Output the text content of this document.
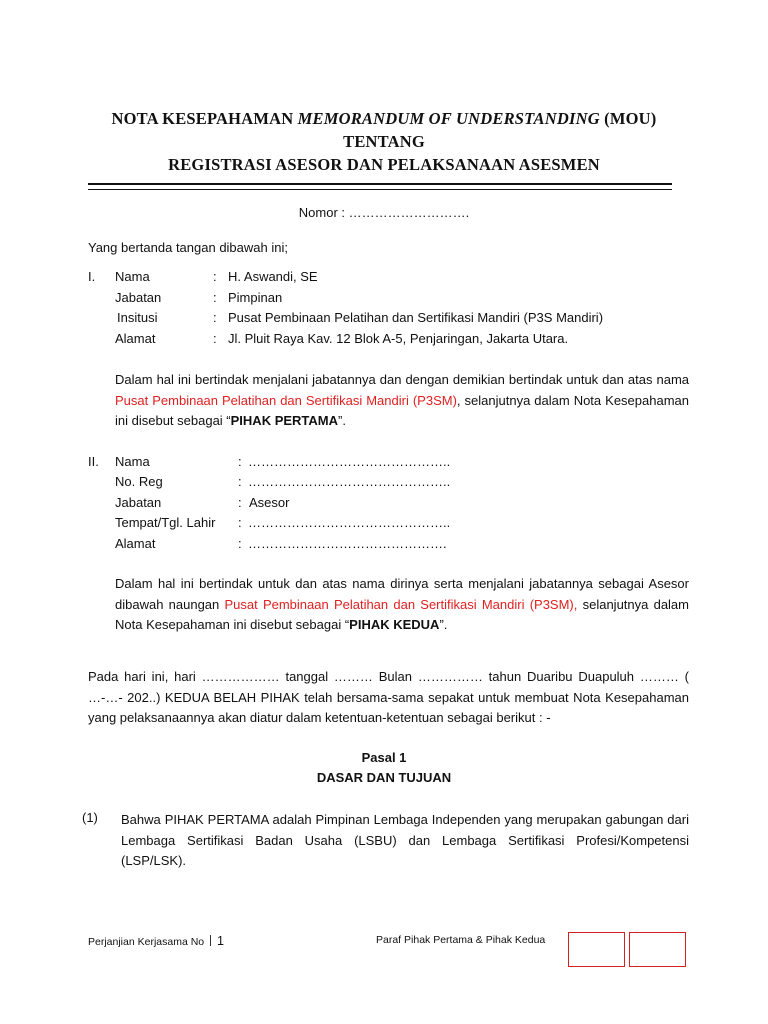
NOTA KESEPAHAMAN MEMORANDUM OF UNDERSTANDING (MOU)
TENTANG
REGISTRASI ASESOR DAN PELAKSANAAN ASESMEN
Nomor : ……………………….
Yang bertanda tangan dibawah ini;
I. Nama	: H. Aswandi, SE
Jabatan	: Pimpinan
Insitusi	: Pusat Pembinaan Pelatihan dan Sertifikasi Mandiri (P3S Mandiri)
Alamat	: Jl. Pluit Raya Kav. 12 Blok A-5, Penjaringan, Jakarta Utara.
Dalam hal ini bertindak menjalani jabatannya dan dengan demikian bertindak untuk dan atas nama Pusat Pembinaan Pelatihan dan Sertifikasi Mandiri (P3SM), selanjutnya dalam Nota Kesepahaman ini disebut sebagai “PIHAK PERTAMA”.
II. Nama	: ………………………………………..
No. Reg	: ………………………………………..
Jabatan	: Asesor
Tempat/Tgl. Lahir : ………………………………………..
Alamat	: ……………………………………….
Dalam hal ini bertindak untuk dan atas nama dirinya serta menjalani jabatannya sebagai Asesor dibawah naungan Pusat Pembinaan Pelatihan dan Sertifikasi Mandiri (P3SM), selanjutnya dalam Nota Kesepahaman ini disebut sebagai “PIHAK KEDUA”.
Pada hari ini, hari ……………… tanggal ……… Bulan …………… tahun Duaribu Duapuluh ……… ( …-…- 202..) KEDUA BELAH PIHAK telah bersama-sama sepakat untuk membuat Nota Kesepahaman yang pelaksanaannya akan diatur dalam ketentuan-ketentuan sebagai berikut : -
Pasal 1
DASAR DAN TUJUAN
(1) Bahwa PIHAK PERTAMA adalah Pimpinan Lembaga Independen yang merupakan gabungan dari Lembaga Sertifikasi Badan Usaha (LSBU) dan Lembaga Sertifikasi Profesi/Kompetensi (LSP/LSK).
Perjanjian Kerjasama No 1	Paraf Pihak Pertama & Pihak Kedua
